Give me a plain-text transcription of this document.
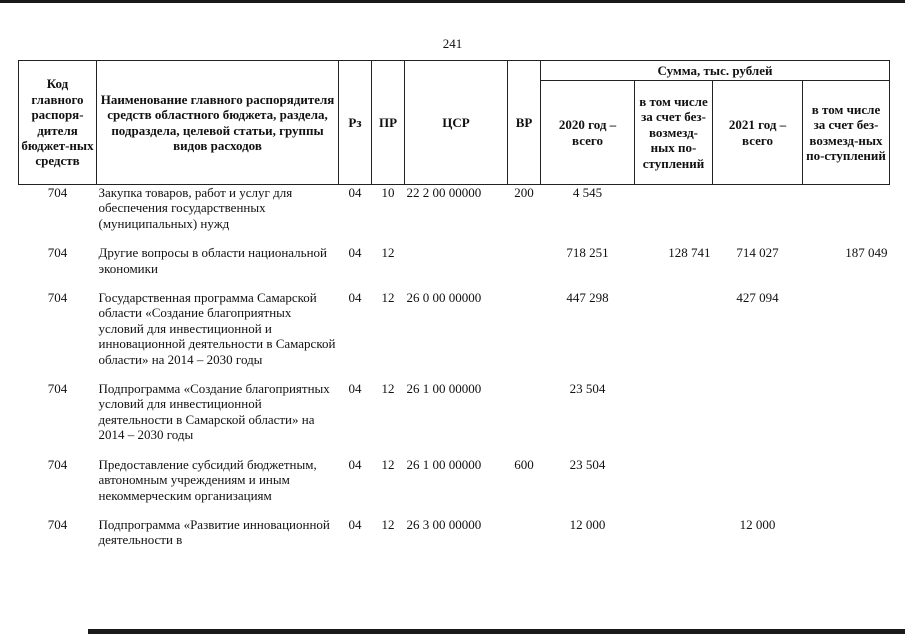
241
Код главного распоря-дителя бюджет-ных средств	Наименование главного распорядителя средств областного бюджета, раздела, подраздела, целевой статьи, группы видов расходов	Рз	ПР	ЦСР	ВР	Сумма, тыс. рублей			
						2020 год – всего	в том числе за счет без-возмезд-ных по-ступлений	2021 год – всего	в том числе за счет без-возмезд-ных по-ступлений
704	Закупка товаров, работ и услуг для обеспечения государственных (муниципальных) нужд	04	10	22 2 00 00000	200	4 545			
704	Другие вопросы в области национальной экономики	04	12			718 251	128 741	714 027	187 049
704	Государственная программа Самарской области «Создание благоприятных условий для инвестиционной и инновационной деятельности в Самарской области» на 2014 – 2030 годы	04	12	26 0 00 00000		447 298		427 094	
704	Подпрограмма «Создание благоприятных условий для инвестиционной деятельности в Самарской области» на 2014 – 2030 годы	04	12	26 1 00 00000		23 504			
704	Предоставление субсидий бюджетным, автономным учреждениям и иным некоммерческим организациям	04	12	26 1 00 00000	600	23 504			
704	Подпрограмма «Развитие инновационной деятельности в	04	12	26 3 00 00000		12 000		12 000	
